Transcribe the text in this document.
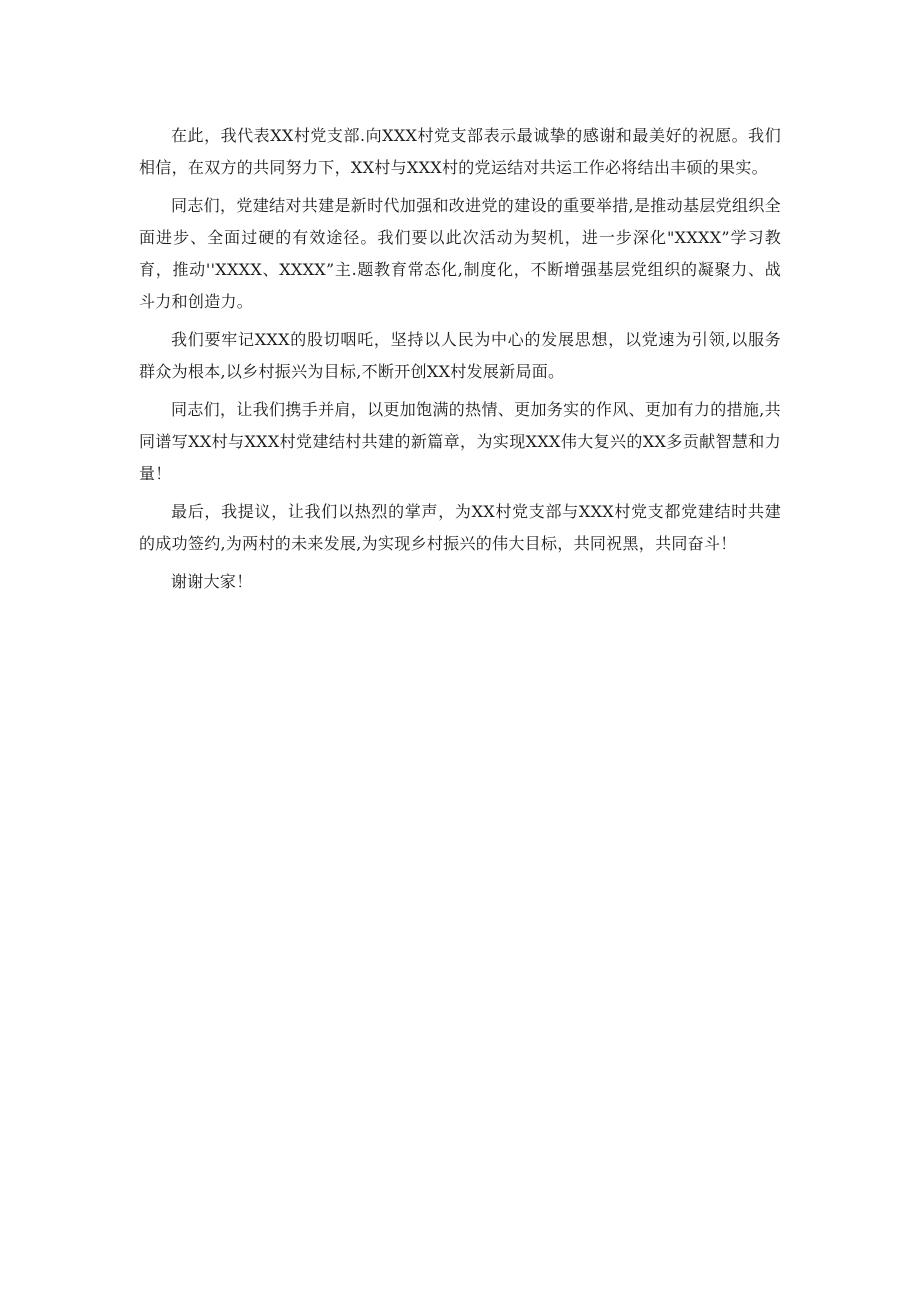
在此，我代表XX村党支部.向XXX村党支部表示最诚挚的感谢和最美好的祝愿。我们相信，在双方的共同努力下，XX村与XXX村的党运结对共运工作必将结出丰硕的果实。

同志们，党建结对共建是新时代加强和改进党的建设的重要举措,是推动基层党组织全面进步、全面过硬的有效途径。我们要以此次活动为契机，进一步深化"XXXX”学习教育，推动''XXXX、XXXX”主.题教育常态化,制度化，不断增强基层党组织的凝聚力、战斗力和创造力。

我们要牢记XXX的股切咽吒，坚持以人民为中心的发展思想，以党速为引领,以服务群众为根本,以乡村振兴为目标,不断开创XX村发展新局面。

同志们，让我们携手并肩，以更加饱满的热情、更加务实的作风、更加有力的措施,共同谱写XX村与XXX村党建结村共建的新篇章，为实现XXX伟大复兴的XX多贡献智慧和力量！

最后，我提议，让我们以热烈的掌声，为XX村党支部与XXX村党支都党建结时共建的成功签约,为两村的未来发展,为实现乡村振兴的伟大目标，共同祝黑，共同奋斗！

谢谢大家！
